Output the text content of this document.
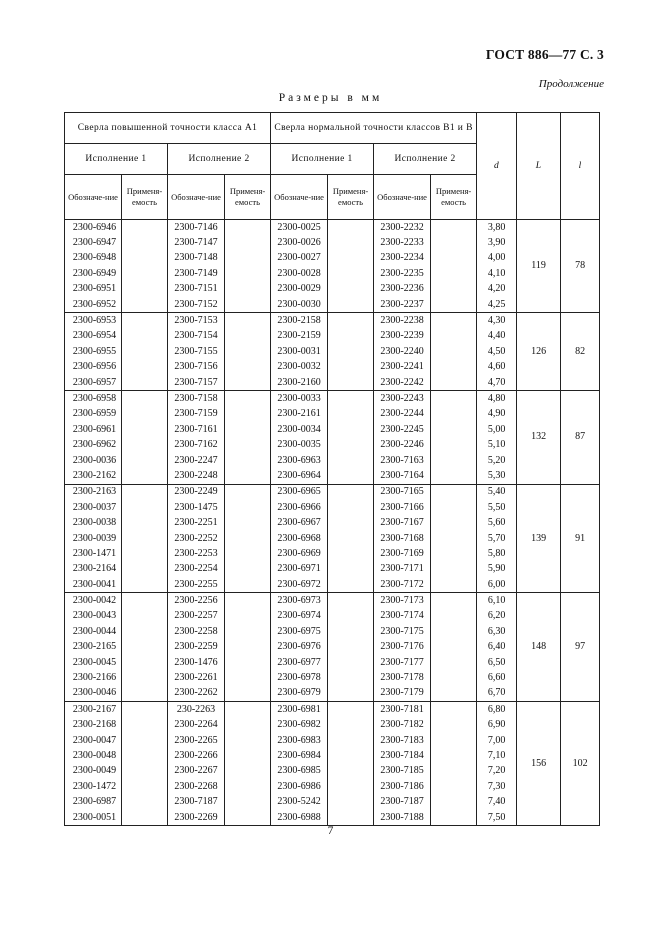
ГОСТ 886—77 С. 3
Продолжение
Размеры в мм
Сверла повышенной точности класса А1				Сверла нормальной точности классов В1 и В				d	L	l
Исполнение 1		Исполнение 2		Исполнение 1		Исполнение 2				
Обозначе-ние	Применя-емость	Обозначе-ние	Применя-емость	Обозначе-ние	Применя-емость	Обозначе-ние	Применя-емость			
2300-6946		2300-7146		2300-0025		2300-2232		3,80	119	78
2300-6947		2300-7147		2300-0026		2300-2233		3,90		
2300-6948		2300-7148		2300-0027		2300-2234		4,00		
2300-6949		2300-7149		2300-0028		2300-2235		4,10		
2300-6951		2300-7151		2300-0029		2300-2236		4,20		
2300-6952		2300-7152		2300-0030		2300-2237		4,25		
2300-6953		2300-7153		2300-2158		2300-2238		4,30	126	82
2300-6954		2300-7154		2300-2159		2300-2239		4,40		
2300-6955		2300-7155		2300-0031		2300-2240		4,50		
2300-6956		2300-7156		2300-0032		2300-2241		4,60		
2300-6957		2300-7157		2300-2160		2300-2242		4,70		
2300-6958		2300-7158		2300-0033		2300-2243		4,80	132	87
2300-6959		2300-7159		2300-2161		2300-2244		4,90		
2300-6961		2300-7161		2300-0034		2300-2245		5,00		
2300-6962		2300-7162		2300-0035		2300-2246		5,10		
2300-0036		2300-2247		2300-6963		2300-7163		5,20		
2300-2162		2300-2248		2300-6964		2300-7164		5,30		
2300-2163		2300-2249		2300-6965		2300-7165		5,40	139	91
2300-0037		2300-1475		2300-6966		2300-7166		5,50		
2300-0038		2300-2251		2300-6967		2300-7167		5,60		
2300-0039		2300-2252		2300-6968		2300-7168		5,70		
2300-1471		2300-2253		2300-6969		2300-7169		5,80		
2300-2164		2300-2254		2300-6971		2300-7171		5,90		
2300-0041		2300-2255		2300-6972		2300-7172		6,00		
2300-0042		2300-2256		2300-6973		2300-7173		6,10	148	97
2300-0043		2300-2257		2300-6974		2300-7174		6,20		
2300-0044		2300-2258		2300-6975		2300-7175		6,30		
2300-2165		2300-2259		2300-6976		2300-7176		6,40		
2300-0045		2300-1476		2300-6977		2300-7177		6,50		
2300-2166		2300-2261		2300-6978		2300-7178		6,60		
2300-0046		2300-2262		2300-6979		2300-7179		6,70		
2300-2167		230-2263		2300-6981		2300-7181		6,80	156	102
2300-2168		2300-2264		2300-6982		2300-7182		6,90		
2300-0047		2300-2265		2300-6983		2300-7183		7,00		
2300-0048		2300-2266		2300-6984		2300-7184		7,10		
2300-0049		2300-2267		2300-6985		2300-7185		7,20		
2300-1472		2300-2268		2300-6986		2300-7186		7,30		
2300-6987		2300-7187		2300-5242		2300-7187		7,40		
2300-0051		2300-2269		2300-6988		2300-7188		7,50		
7
